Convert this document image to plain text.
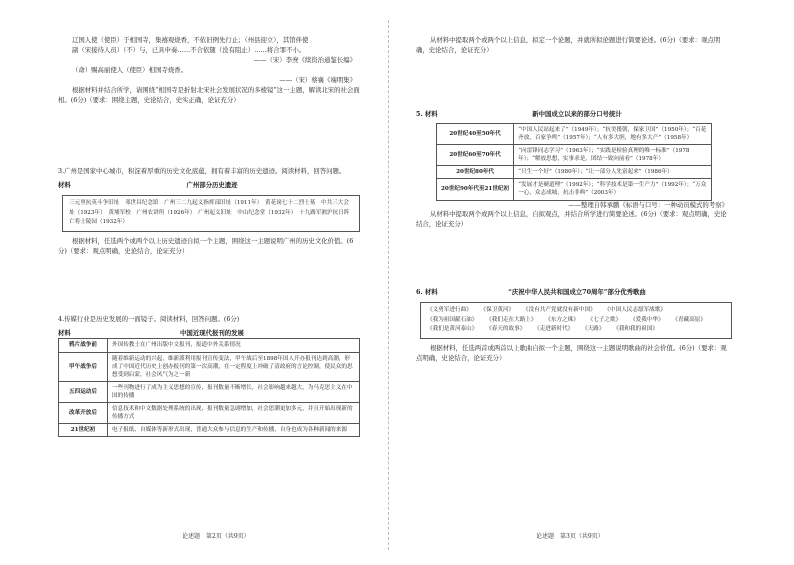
辽国人使（使臣）于相国寺，集禧观烧香，不依旧例先行止；（州县迎立），其馆伴使

副（宋接待人员）（不）与，已具申奏……不合依随（没有阻止）……将合罪不小。

——（宋）李焘《续资治通鉴长编》

（命）赐高丽使人（使臣）相国寺烧香。

——（宋）蔡襄《端明集》

根据材料并结合所学，请围绕“相国寺是折射北宋社会发展状况的多棱镜”这一主题，解读北宋的社会面相。(6分)（要求：围绕主题，史论结合，史实正确，论证充分）

3.广州是国家中心城市，积淀着厚重的历史文化底蕴，拥有着丰富的历史遗迹。阅读材料，回答问题。

材料	广州部分历史遗迹
三元里抗英斗争旧址　邓世昌纪念馆　广州三二九起义指挥部旧址（1911年）　黄花岗七十二烈士墓　中共三大会址（1923年）　黄埔军校　广州农讲所（1926年）　广州起义旧址　中山纪念堂（1932年）　十九路军淞沪抗日阵亡将士陵园（1932年）

根据材料，任选两个或两个以上历史遗迹自拟一个主题，围绕这一主题说明广州的历史文化价值。(6分)（要求：观点明确，史论结合，论证充分）

4.传媒行业是历史发展的一面镜子。阅读材料，回答问题。(6分)

材料	中国近现代报刊的发展
鸦片战争前	外国传教士在广州出版中文报刊，报道中外关系情况
甲午战争后	随着维新运动的兴起，维新派利用报刊宣传变法，甲午战后至1898年国人开办报刊达到高潮，形成了中国近代历史上创办报刊的第一次高潮，在一定程度上冲破了清政府的言论控制，使民众的思想受到启蒙，社会风气为之一新
五四运动后	一些刊物进行了成为主义思想的宣传，报刊数量不断增长，社会影响越来越大，为马克思主义在中国的传播
改革开放后	信息技术和中文数据处理系统的出现，报刊数量急剧增加，社会思潮更加多元，并且开始出现新的传播方式
21世纪初	电子报纸、自媒体等新形式出现，普通大众参与信息的生产和传播，自身也成为各种新闻的来源
论述题　第2页（共9页）

从材料中提取两个或两个以上信息，拟定一个论题，并就所拟论题进行简要论述。(6分)（要求：观点明确，史论结合，论证充分）

5. 材料	新中国成立以来的部分口号统计
20世纪40至50年代	“中国人民站起来了”（1949年）；“抗美援朝，保家卫国”（1950年）；“百花齐放，百家争鸣”（1957年）；“人有多大胆，地有多大产”（1958年）
20世纪60至70年代	“向雷锋同志学习”（1963年）；“实践是检验真理的唯一标准”（1978年）；“解放思想，实事求是，团结一致向前看”（1978年）
20世纪80年代	“只生一个好”（1980年）；“让一部分人先富起来”（1986年）
20世纪90年代至21世纪初	“发展才是硬道理”（1992年）；“科学技术是第一生产力”（1992年）；“万众一心，众志成城，抗击非典”（2003年）

——整理自韩承鹏《标语与口号：一种动员模式的考察》

从材料中提取两个或两个以上信息，自拟观点，并结合所学进行简要论述。(6分)（要求：观点明确，史论结合，论证充分）

6. 材料	“庆祝中华人民共和国成立70周年”部分优秀歌曲
《义勇军进行曲》 《保卫黄河》 《没有共产党就没有新中国》 《中国人民志愿军战歌》 《我为祖国献石油》 《我们走在大路上》 《东方之珠》 《七子之歌》 《爱我中华》 《青藏高原》 《我们是黄河泰山》 《春天的故事》 《走进新时代》 《天路》 《我和我的祖国》

根据材料，任选两首或两首以上歌曲自拟一个主题，围绕这一主题说明歌曲的社会价值。(6分)（要求：观点明确，史论结合，论证充分）

论述题　第3页（共9页）
